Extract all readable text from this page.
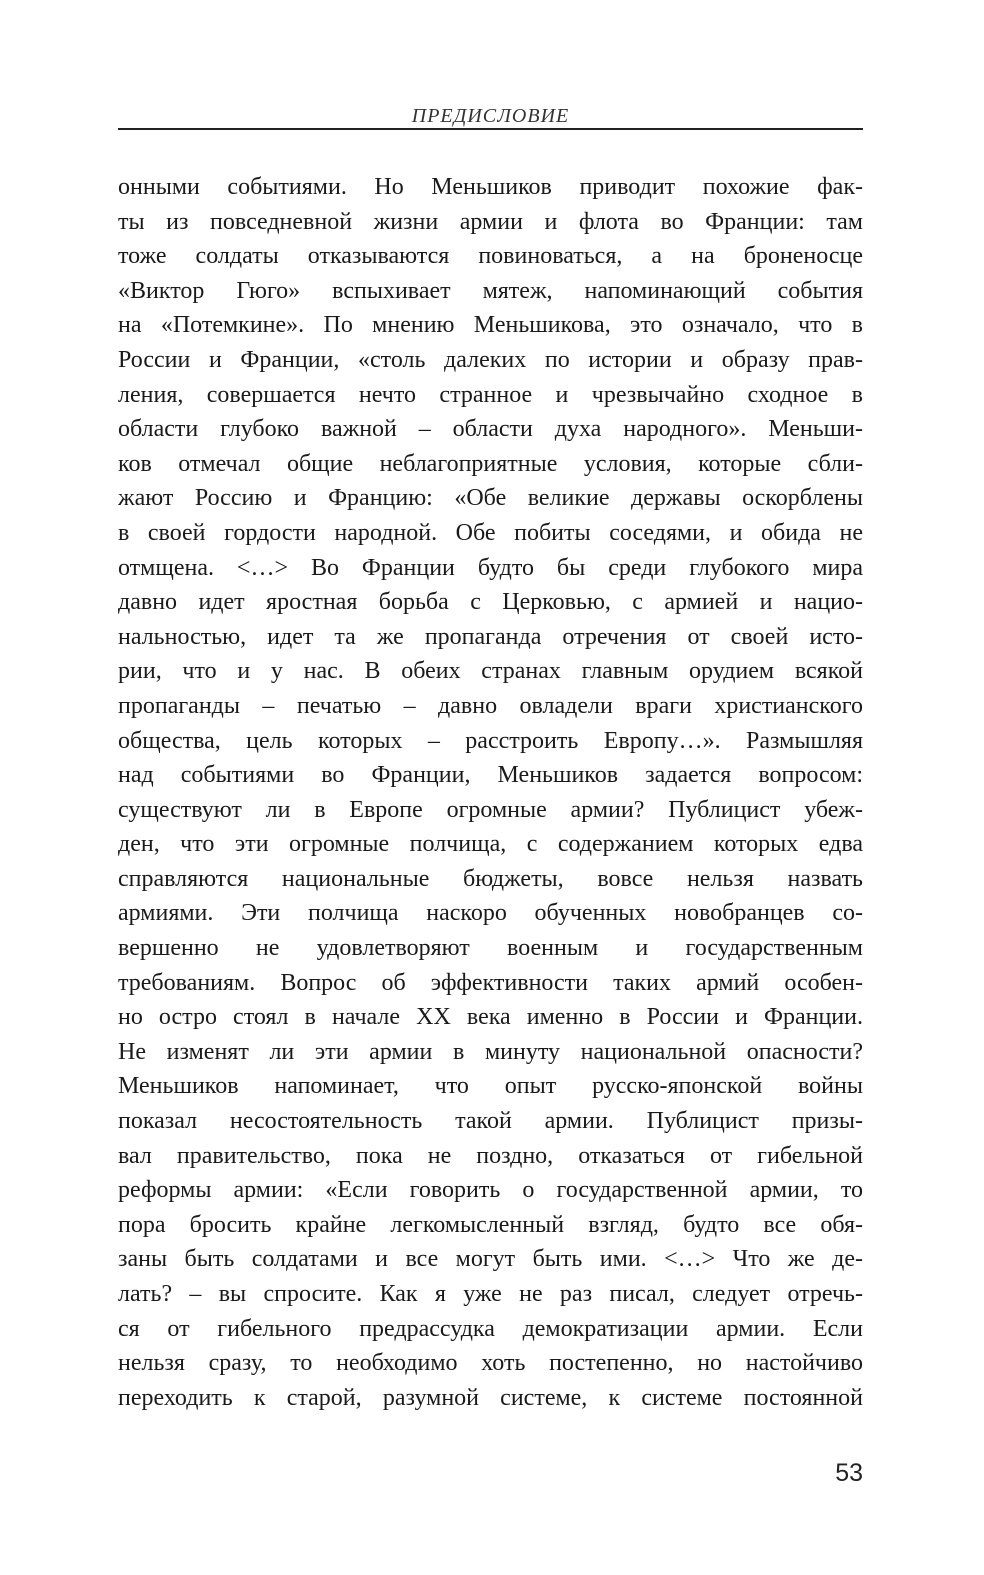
ПРЕДИСЛОВИЕ
онными событиями. Но Меньшиков приводит похожие фак-
ты из повседневной жизни армии и флота во Франции: там
тоже солдаты отказываются повиноваться, а на броненосце
«Виктор Гюго» вспыхивает мятеж, напоминающий события
на «Потемкине». По мнению Меньшикова, это означало, что в
России и Франции, «столь далеких по истории и образу прав-
ления, совершается нечто странное и чрезвычайно сходное в
области глубоко важной – области духа народного». Меньши-
ков отмечал общие неблагоприятные условия, которые сбли-
жают Россию и Францию: «Обе великие державы оскорблены
в своей гордости народной. Обе побиты соседями, и обида не
отмщена. <…> Во Франции будто бы среди глубокого мира
давно идет яростная борьба с Церковью, с армией и нацио-
нальностью, идет та же пропаганда отречения от своей исто-
рии, что и у нас. В обеих странах главным орудием всякой
пропаганды – печатью – давно овладели враги христианского
общества, цель которых – расстроить Европу…». Размышляя
над событиями во Франции, Меньшиков задается вопросом:
существуют ли в Европе огромные армии? Публицист убеж-
ден, что эти огромные полчища, с содержанием которых едва
справляются национальные бюджеты, вовсе нельзя назвать
армиями. Эти полчища наскоро обученных новобранцев со-
вершенно не удовлетворяют военным и государственным
требованиям. Вопрос об эффективности таких армий особен-
но остро стоял в начале XX века именно в России и Франции.
Не изменят ли эти армии в минуту национальной опасности?
Меньшиков напоминает, что опыт русско-японской войны
показал несостоятельность такой армии. Публицист призы-
вал правительство, пока не поздно, отказаться от гибельной
реформы армии: «Если говорить о государственной армии, то
пора бросить крайне легкомысленный взгляд, будто все обя-
заны быть солдатами и все могут быть ими. <…> Что же де-
лать? – вы спросите. Как я уже не раз писал, следует отречь-
ся от гибельного предрассудка демократизации армии. Если
нельзя сразу, то необходимо хоть постепенно, но настойчиво
переходить к старой, разумной системе, к системе постоянной
53
